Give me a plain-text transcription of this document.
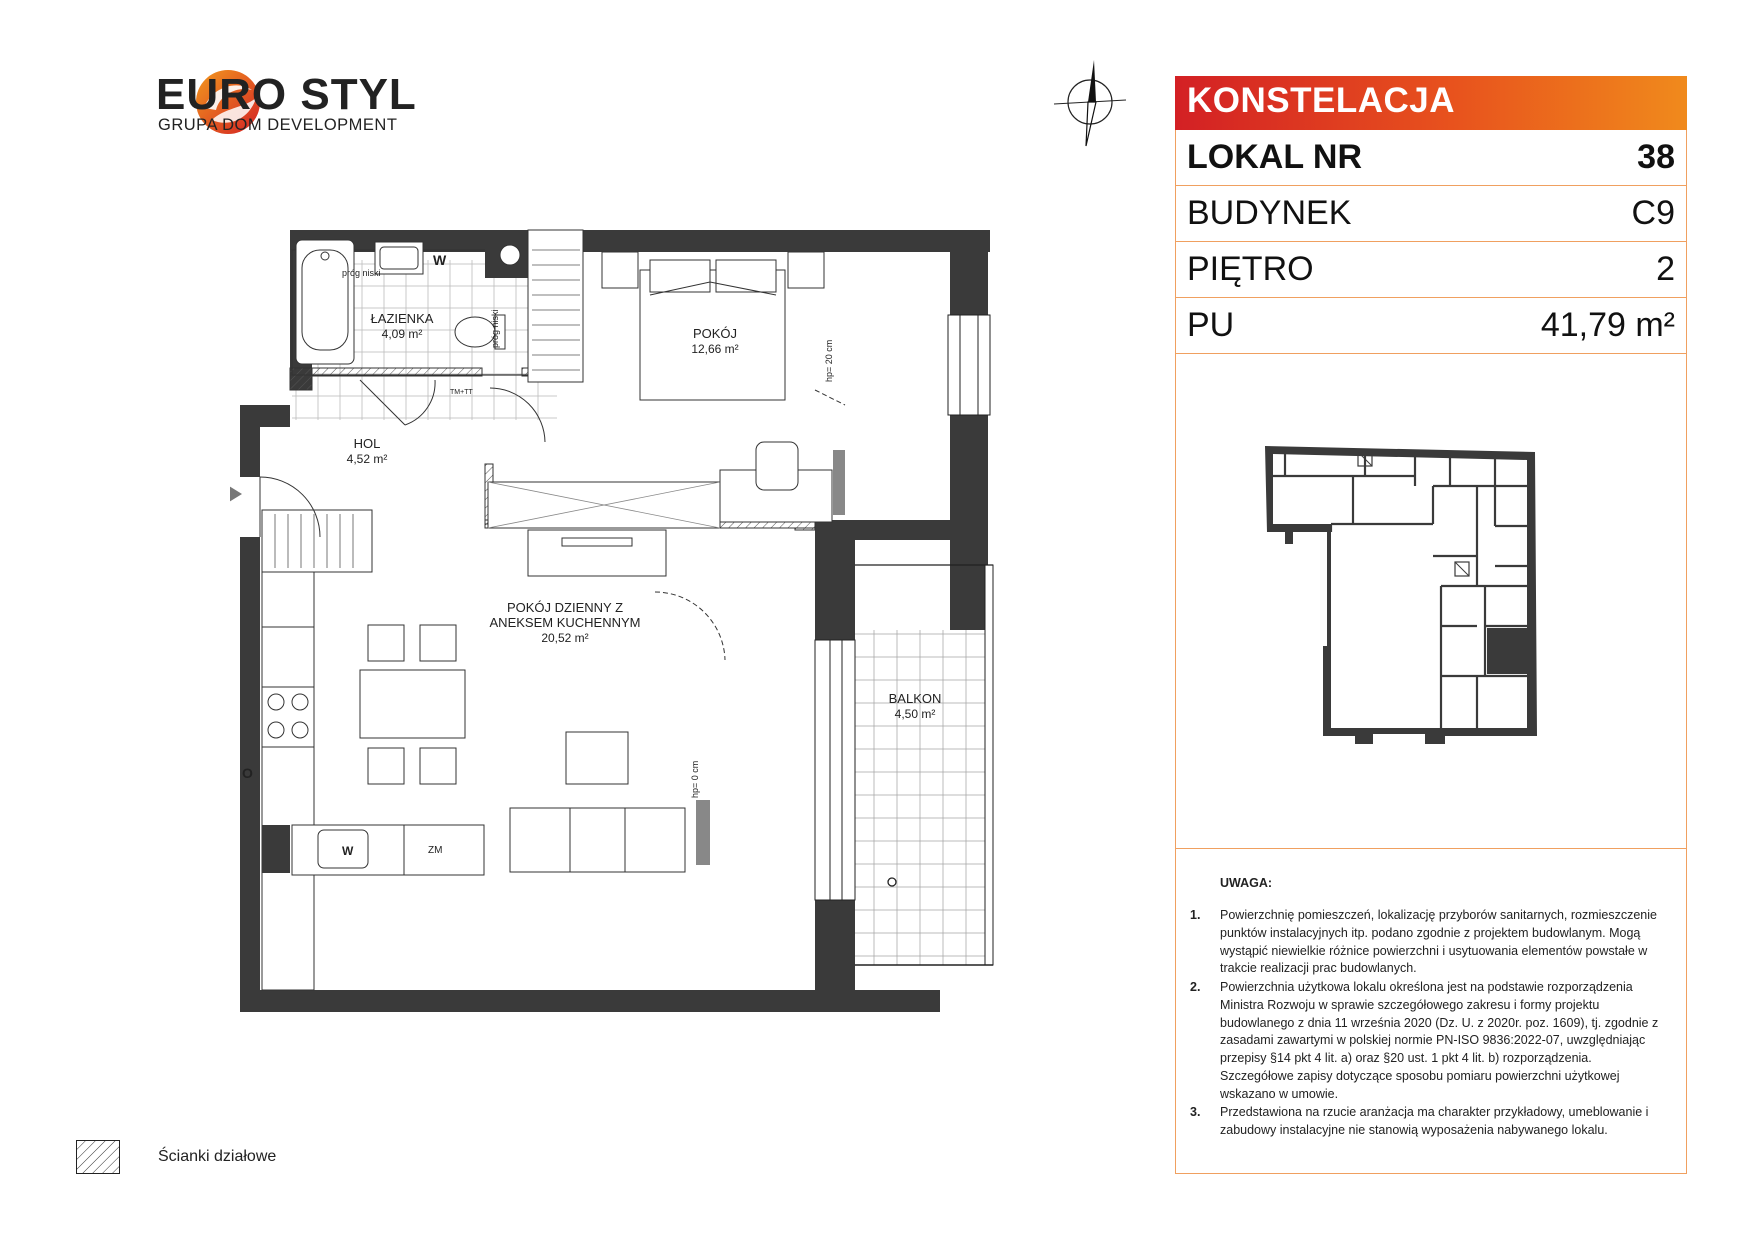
EURO STYL
GRUPA DOM DEVELOPMENT
W
O
ZM
W
ŁAZIENKA
4,09 m²	POKÓJ
12,66 m²
HOL
4,52 m²
POKÓJ DZIENNY Z
ANEKSEM KUCHENNYM
20,52 m²
BALKON
4,50 m²
próg niski
próg niski
hp= 20 cm
hp= 0 cm
TM+TT
KONSTELACJA
LOKAL NR	38
BUDYNEK	C9
PIĘTRO	2
PU	41,79 m²
UWAGA:
1. Powierzchnię pomieszczeń, lokalizację przyborów sanitarnych, rozmieszczenie punktów instalacyjnych itp. podano zgodnie z projektem budowlanym. Mogą wystąpić niewielkie różnice powierzchni i usytuowania elementów powstałe w trakcie realizacji prac budowlanych.
2. Powierzchnia użytkowa lokalu określona jest na podstawie rozporządzenia Ministra Rozwoju w sprawie szczegółowego zakresu i formy projektu budowlanego z dnia 11 września 2020 (Dz. U. z 2020r. poz. 1609), tj. zgodnie z zasadami zawartymi w polskiej normie PN-ISO 9836:2022-07, uwzględniając przepisy §14 pkt 4 lit. a) oraz §20 ust. 1 pkt 4 lit. b) rozporządzenia. Szczegółowe zapisy dotyczące sposobu pomiaru powierzchni użytkowej wskazano w umowie.
3. Przedstawiona na rzucie aranżacja ma charakter przykładowy, umeblowanie i zabudowy instalacyjne nie stanowią wyposażenia nabywanego lokalu.
Ścianki działowe
